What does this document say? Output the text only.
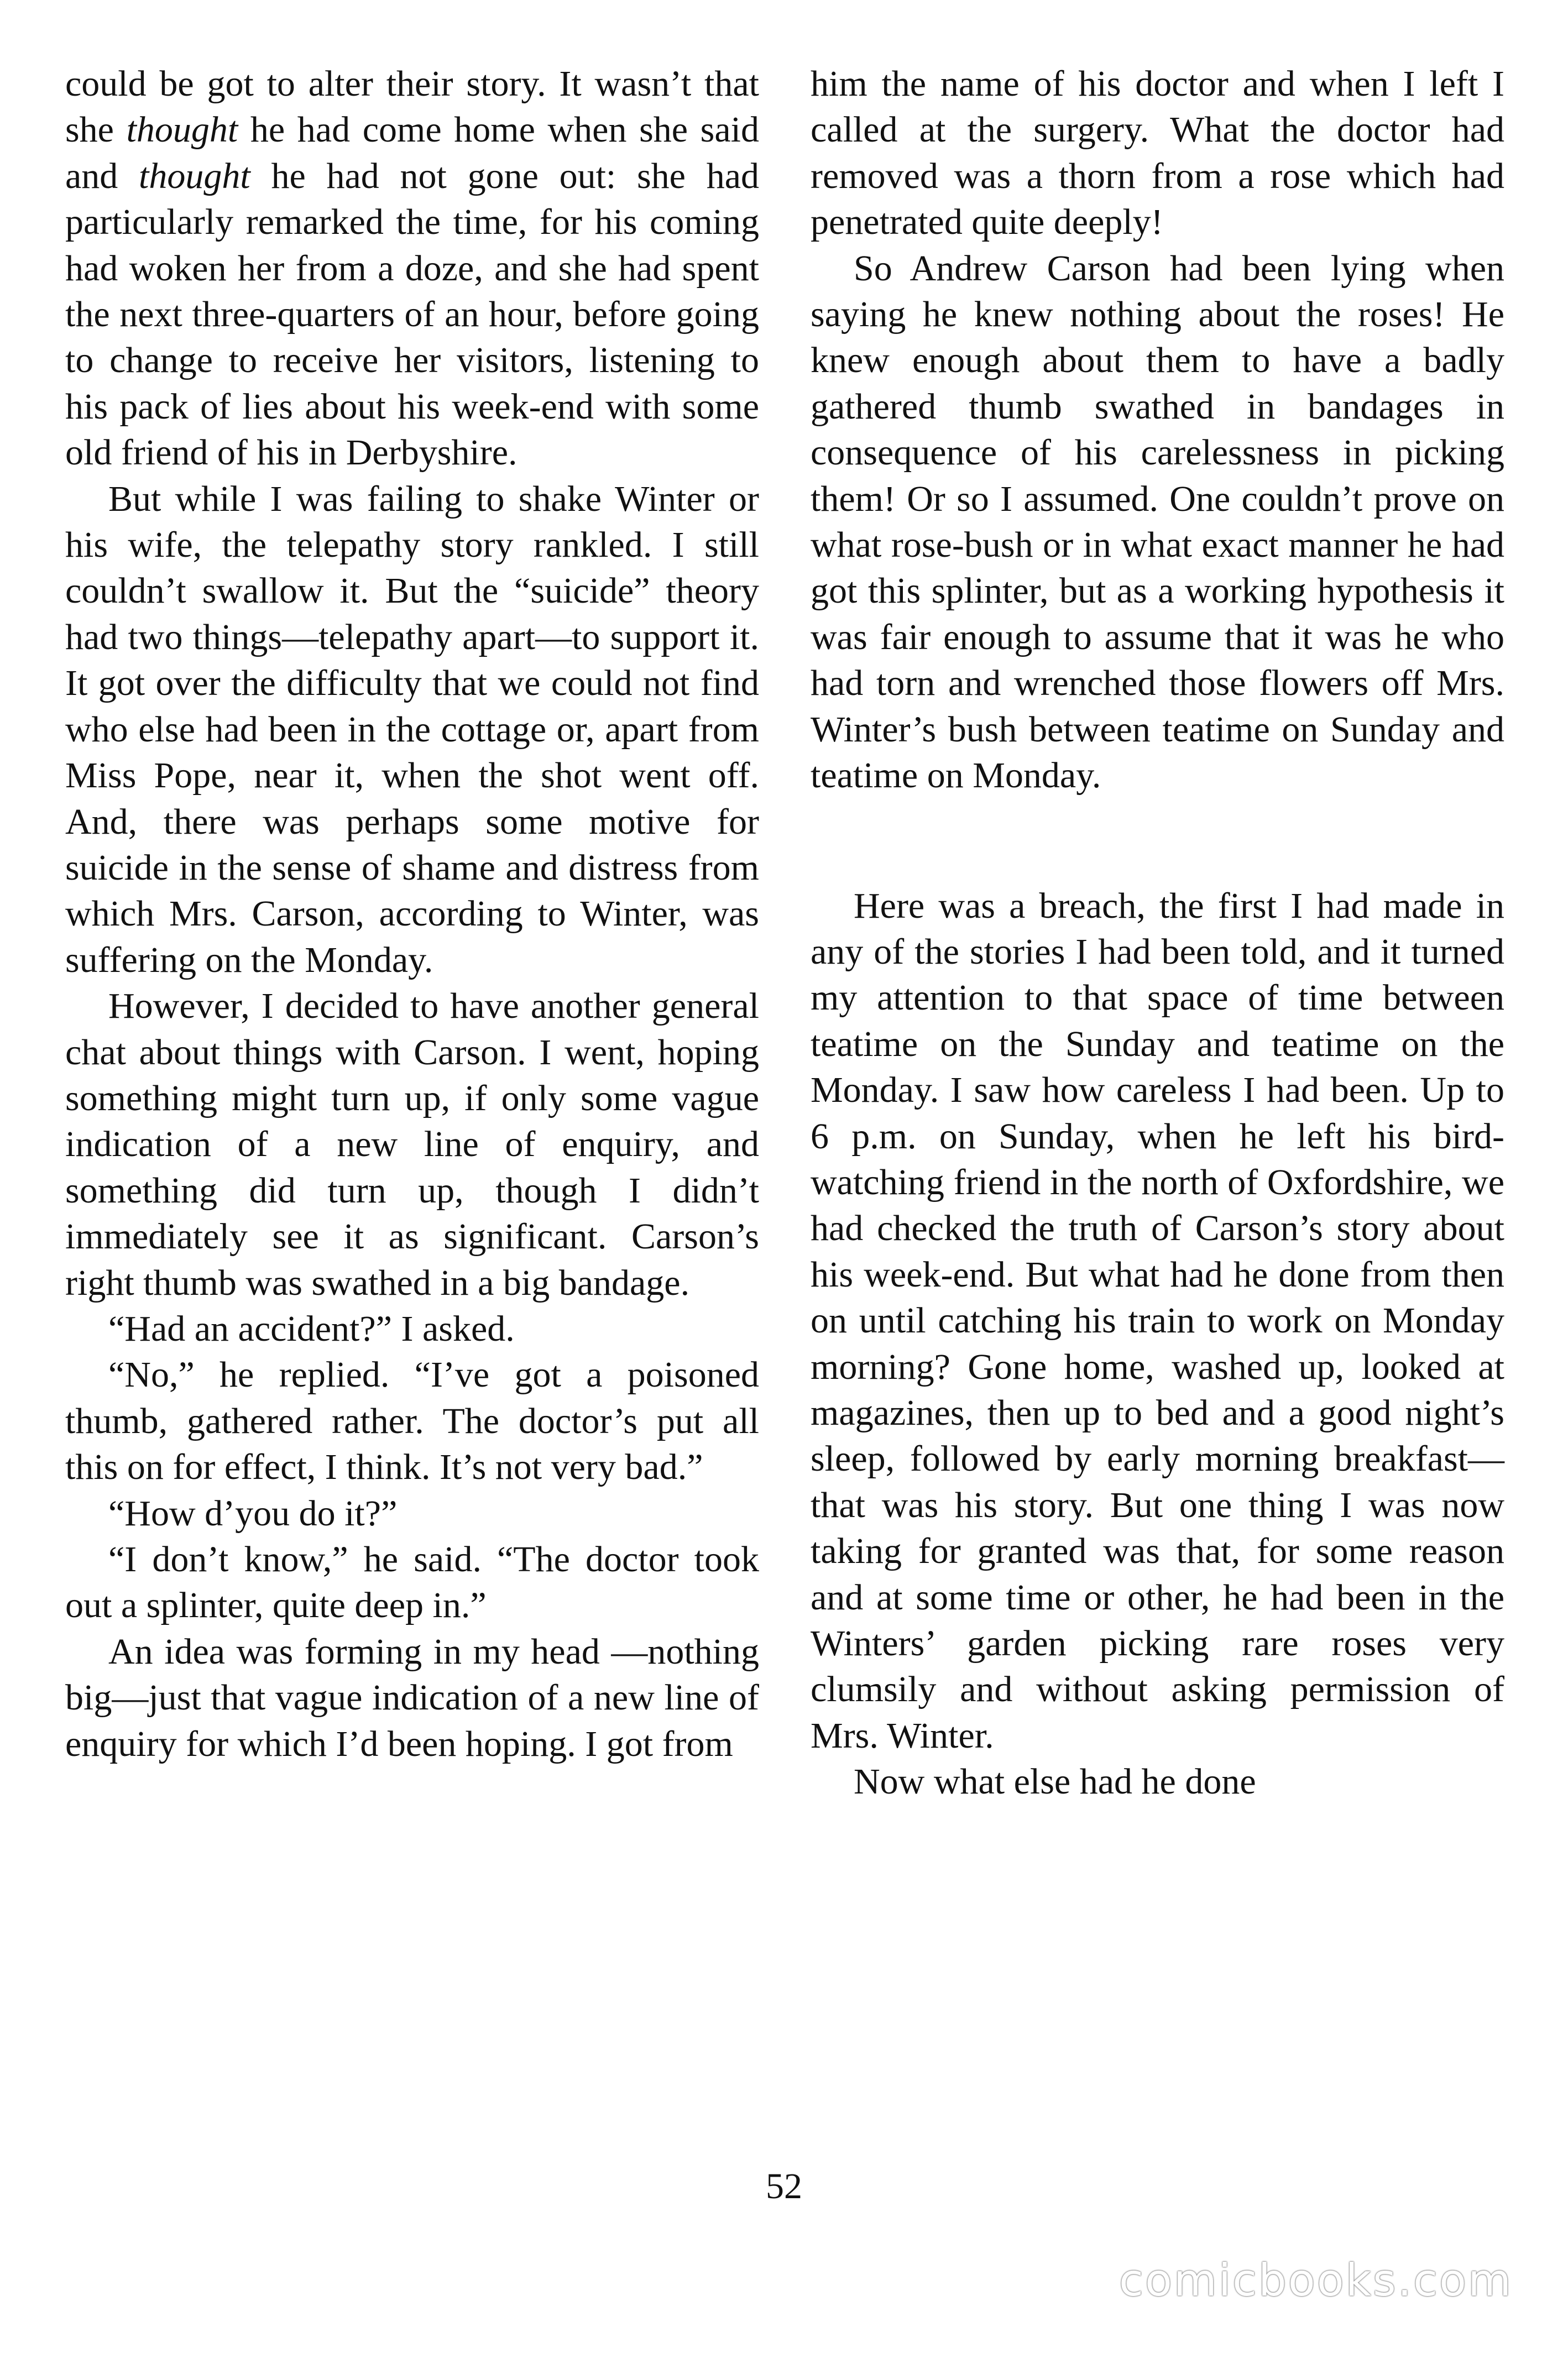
could be got to alter their story. It wasn’t that she thought he had come home when she said and thought he had not gone out: she had particularly remarked the time, for his coming had woken her from a doze, and she had spent the next three-quarters of an hour, before going to change to receive her visitors, listening to his pack of lies about his week-end with some old friend of his in Derbyshire.

But while I was failing to shake Winter or his wife, the telepathy story rankled. I still couldn’t swallow it. But the “suicide” theory had two things—telepathy apart—to support it. It got over the difficulty that we could not find who else had been in the cottage or, apart from Miss Pope, near it, when the shot went off. And, there was perhaps some motive for suicide in the sense of shame and distress from which Mrs. Carson, according to Winter, was suffering on the Monday.

However, I decided to have another general chat about things with Carson. I went, hoping something might turn up, if only some vague indication of a new line of enquiry, and something did turn up, though I didn’t immediately see it as significant. Carson’s right thumb was swathed in a big bandage.

“Had an accident?” I asked.

“No,” he replied. “I’ve got a poisoned thumb, gathered rather. The doctor’s put all this on for effect, I think. It’s not very bad.”

“How d’you do it?”

“I don’t know,” he said. “The doctor took out a splinter, quite deep in.”

An idea was forming in my head —nothing big—just that vague indication of a new line of enquiry for which I’d been hoping. I got from

him the name of his doctor and when I left I called at the surgery. What the doctor had removed was a thorn from a rose which had penetrated quite deeply!

So Andrew Carson had been lying when saying he knew nothing about the roses! He knew enough about them to have a badly gathered thumb swathed in bandages in consequence of his carelessness in picking them! Or so I assumed. One couldn’t prove on what rose-bush or in what exact manner he had got this splinter, but as a working hypothesis it was fair enough to assume that it was he who had torn and wrenched those flowers off Mrs. Winter’s bush between teatime on Sunday and teatime on Monday.

Here was a breach, the first I had made in any of the stories I had been told, and it turned my attention to that space of time between teatime on the Sunday and teatime on the Monday. I saw how careless I had been. Up to 6 p.m. on Sunday, when he left his bird-watching friend in the north of Oxfordshire, we had checked the truth of Carson’s story about his week-end. But what had he done from then on until catching his train to work on Monday morning? Gone home, washed up, looked at magazines, then up to bed and a good night’s sleep, followed by early morning breakfast—that was his story. But one thing I was now taking for granted was that, for some reason and at some time or other, he had been in the Winters’ garden picking rare roses very clumsily and without asking permission of Mrs. Winter.

Now what else had he done

52
comicbooks.com
